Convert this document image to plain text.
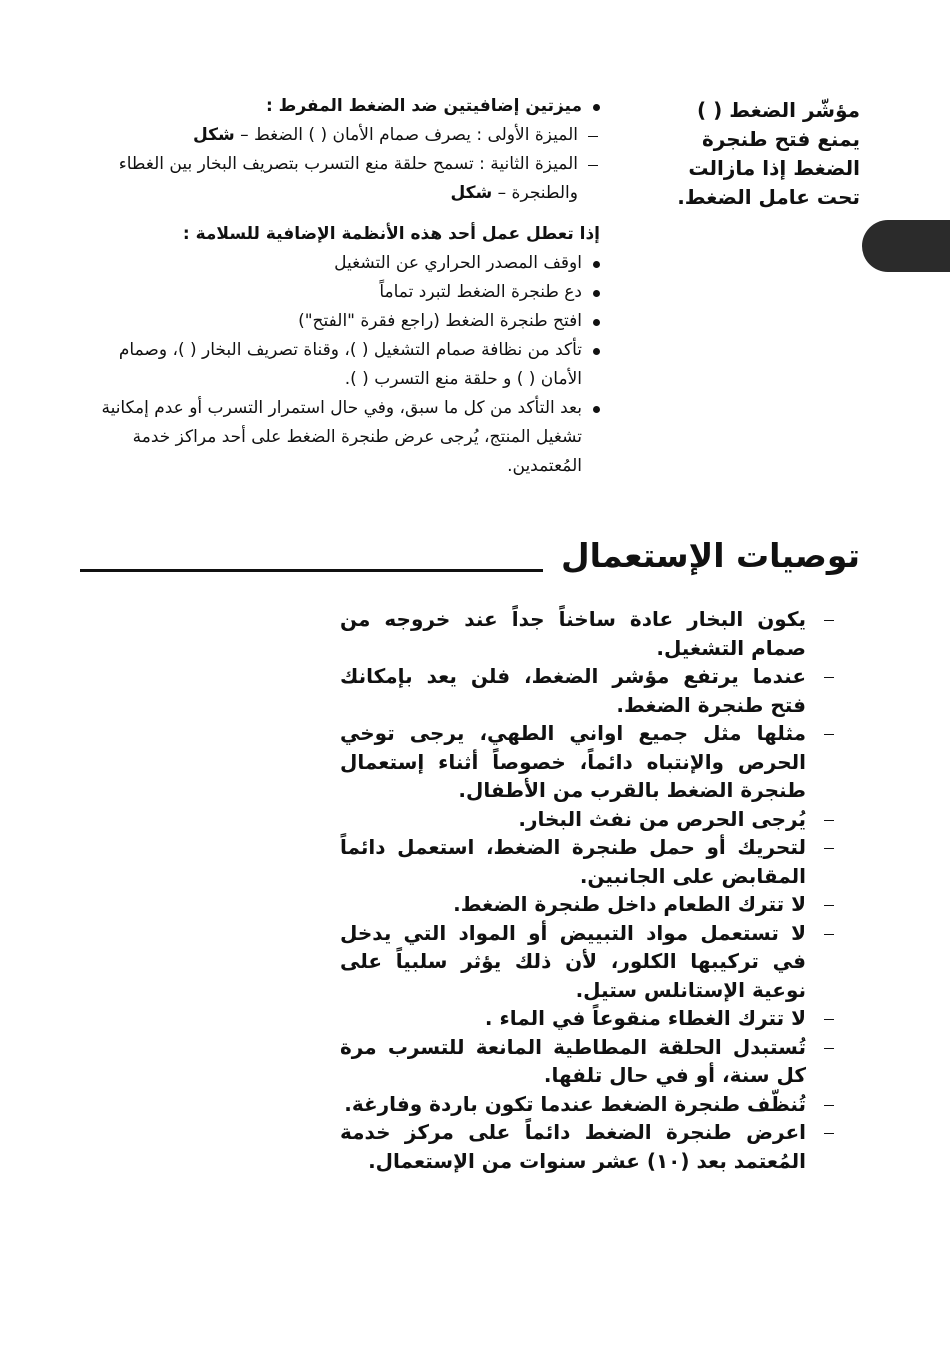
مؤشّر الضغط ( ) يمنع فتح طنجرة الضغط إذا مازالت تحت عامل الضغط.
ميزتين إضافيتين ضد الضغط المفرط :
الميزة الأولى : يصرف صمام الأمان ( ) الضغط – شكل
الميزة الثانية : تسمح حلقة منع التسرب بتصريف البخار بين الغطاء والطنجرة – شكل
إذا تعطل عمل أحد هذه الأنظمة الإضافية للسلامة :
اوقف المصدر الحراري عن التشغيل
دع طنجرة الضغط لتبرد تماماً
افتح طنجرة الضغط (راجع فقرة "الفتح")
تأكد من نظافة صمام التشغيل ( )، وقناة تصريف البخار ( )، وصمام الأمان ( ) و حلقة منع التسرب ( ).
بعد التأكد من كل ما سبق، وفي حال استمرار التسرب أو عدم إمكانية تشغيل المنتج، يُرجى عرض طنجرة الضغط على أحد مراكز خدمة المُعتمدين.
توصيات الإستعمال
يكون البخار عادة ساخناً جداً عند خروجه من صمام التشغيل.
عندما يرتفع مؤشر الضغط، فلن يعد بإمكانك فتح طنجرة الضغط.
مثلها مثل جميع اواني الطهي، يرجى توخي الحرص والإنتباه دائماً، خصوصاً أثناء إستعمال طنجرة الضغط بالقرب من الأطفال.
يُرجى الحرص من نفث البخار.
لتحريك أو حمل طنجرة الضغط، استعمل دائماً المقابض على الجانبين.
لا تترك الطعام داخل طنجرة الضغط.
لا تستعمل مواد التبييض أو المواد التي يدخل في تركيبها الكلور، لأن ذلك يؤثر سلبياً على نوعية الإستانلس ستيل.
لا تترك الغطاء منقوعاً في الماء .
تُستبدل الحلقة المطاطية المانعة للتسرب مرة كل سنة، أو في حال تلفها.
تُنظّف طنجرة الضغط عندما تكون باردة وفارغة.
اعرض طنجرة الضغط دائماً على مركز خدمة المُعتمد بعد (١٠) عشر سنوات من الإستعمال.
